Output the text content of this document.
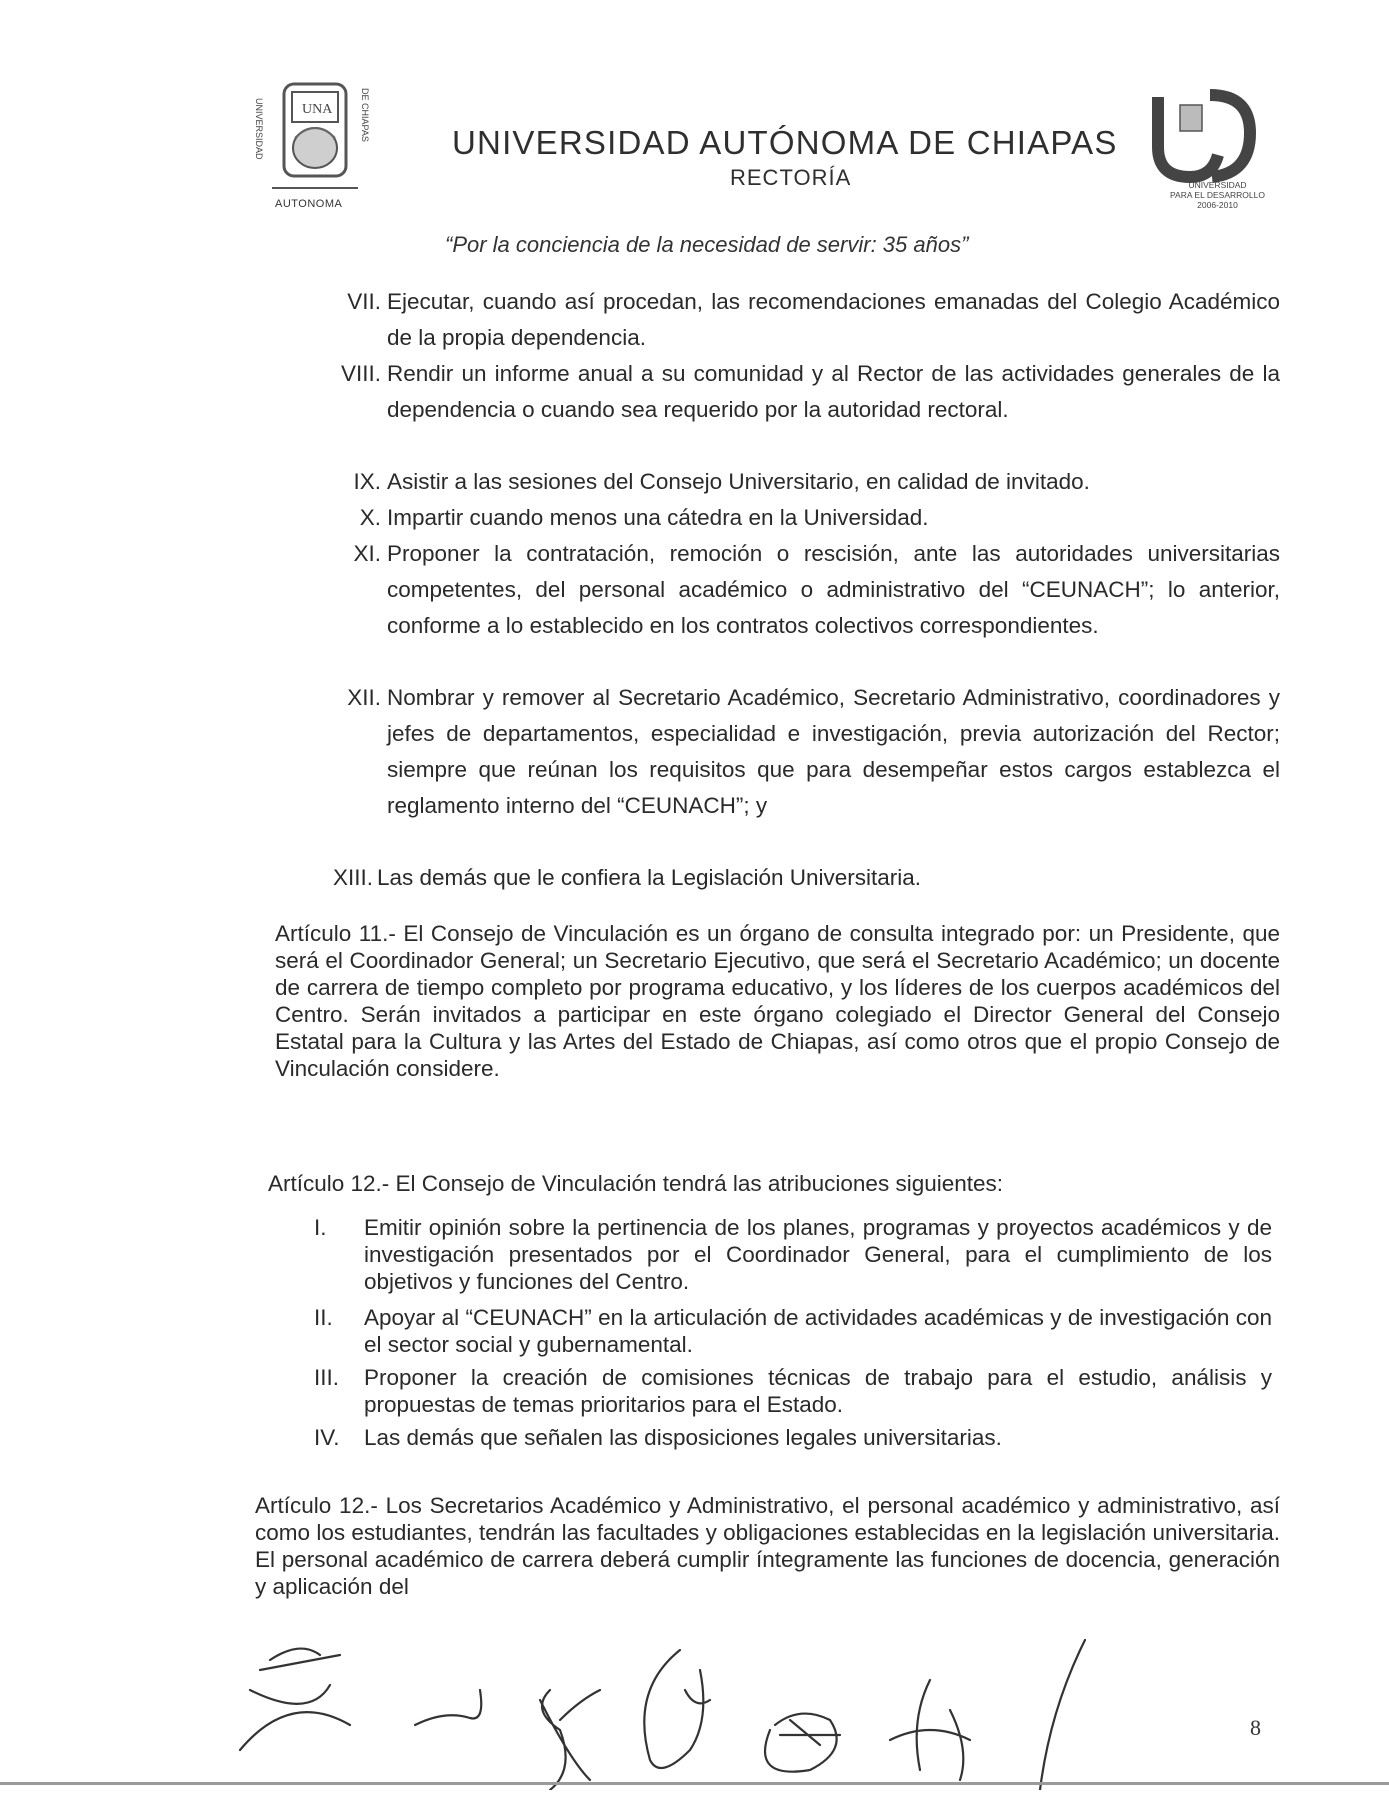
UNA
UNIVERSIDAD	DE CHIAPAS
AUTONOMA
UNIVERSIDAD AUTÓNOMA DE CHIAPAS
RECTORÍA	UNIVERSIDAD
PARA EL DESARROLLO
2006-2010
“Por la conciencia de la necesidad de servir: 35 años”
VII. Ejecutar, cuando así procedan, las recomendaciones emanadas del Colegio Académico de la propia dependencia.
VIII. Rendir un informe anual a su comunidad y al Rector de las actividades generales de la dependencia o cuando sea requerido por la autoridad rectoral.
IX. Asistir a las sesiones del Consejo Universitario, en calidad de invitado.
X. Impartir cuando menos una cátedra en la Universidad.
XI. Proponer la contratación, remoción o rescisión, ante las autoridades universitarias competentes, del personal académico o administrativo del “CEUNACH”; lo anterior, conforme a lo establecido en los contratos colectivos correspondientes.
XII. Nombrar y remover al Secretario Académico, Secretario Administrativo, coordinadores y jefes de departamentos, especialidad e investigación, previa autorización del Rector; siempre que reúnan los requisitos que para desempeñar estos cargos establezca el reglamento interno del “CEUNACH”; y
XIII. Las demás que le confiera la Legislación Universitaria.
Artículo 11.- El Consejo de Vinculación es un órgano de consulta integrado por: un Presidente, que será el Coordinador General; un Secretario Ejecutivo, que será el Secretario Académico; un docente de carrera de tiempo completo por programa educativo, y los líderes de los cuerpos académicos del Centro. Serán invitados a participar en este órgano colegiado el Director General del Consejo Estatal para la Cultura y las Artes del Estado de Chiapas, así como otros que el propio Consejo de Vinculación considere.
Artículo 12.- El Consejo de Vinculación tendrá las atribuciones siguientes:
I.	Emitir opinión sobre la pertinencia de los planes, programas y proyectos académicos y de investigación presentados por el Coordinador General, para el cumplimiento de los objetivos y funciones del Centro.
II.	Apoyar al “CEUNACH” en la articulación de actividades académicas y de investigación con el sector social y gubernamental.
III.	Proponer la creación de comisiones técnicas de trabajo para el estudio, análisis y propuestas de temas prioritarios para el Estado.
IV.	Las demás que señalen las disposiciones legales universitarias.
Artículo 12.- Los Secretarios Académico y Administrativo, el personal académico y administrativo, así como los estudiantes, tendrán las facultades y obligaciones establecidas en la legislación universitaria. El personal académico de carrera deberá cumplir íntegramente las funciones de docencia, generación y aplicación del
8
